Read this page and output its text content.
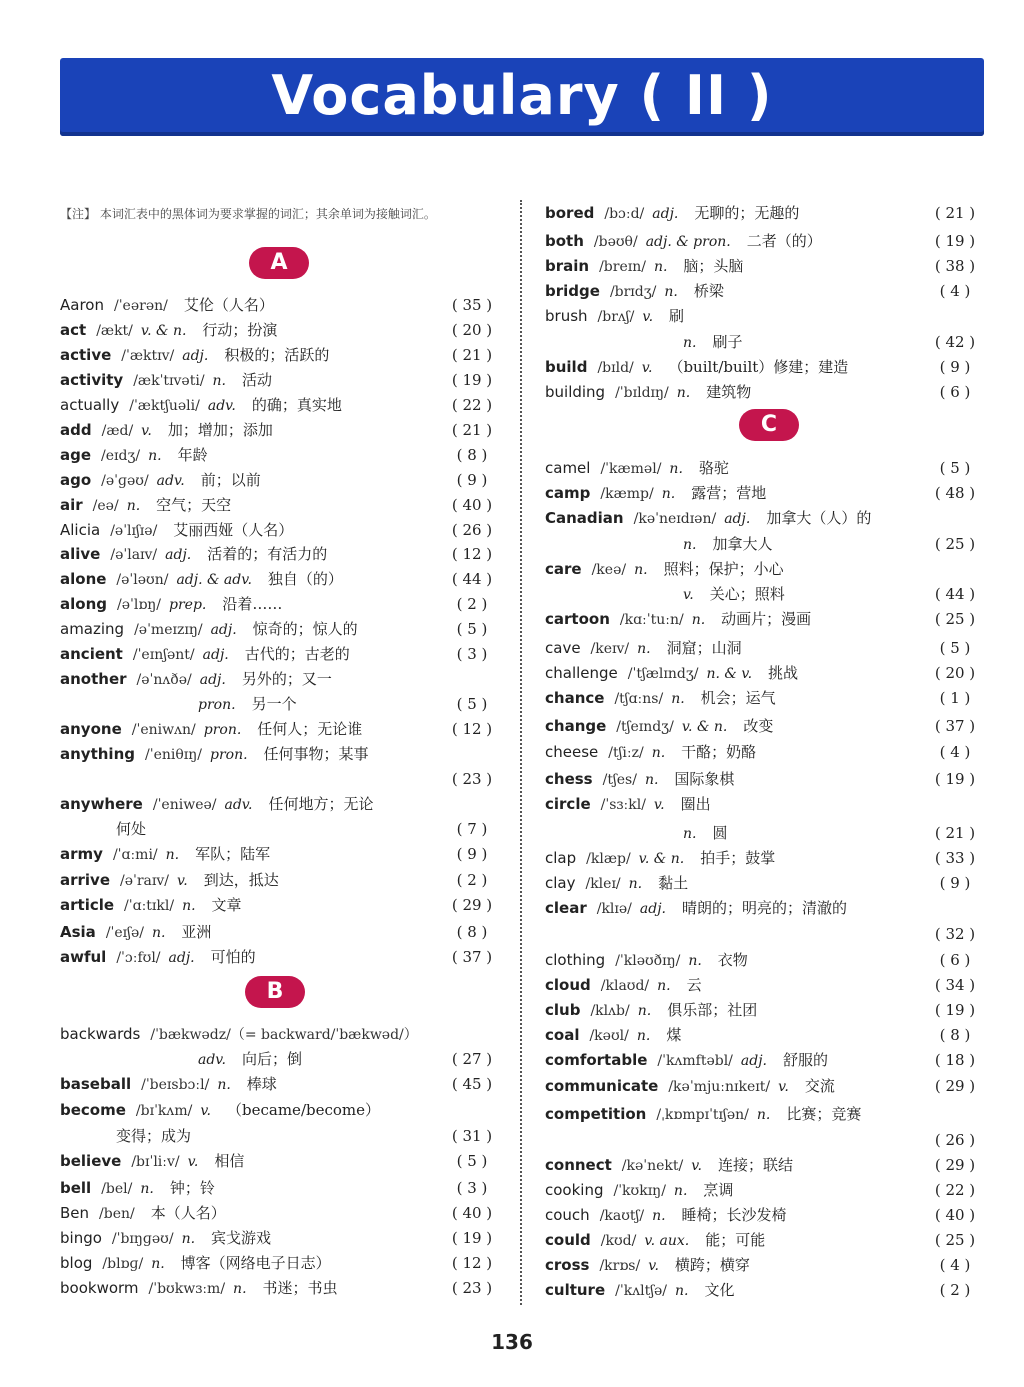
Vocabulary ( II )
【注】 本词汇表中的黑体词为要求掌握的词汇；其余单词为接触词汇。
A
B
C
Aaron /ˈeərən/ 艾伦（人名）	( 35 )
act /ækt/ v. & n. 行动；扮演	( 20 )
active /ˈæktɪv/ adj. 积极的；活跃的	( 21 )
activity /ækˈtɪvəti/ n. 活动	( 19 )
actually /ˈæktʃuəli/ adv. 的确；真实地	( 22 )
add /æd/ v. 加；增加；添加	( 21 )
age /eɪdʒ/ n. 年龄	( 8 )
ago /əˈɡəʊ/ adv. 前；以前	( 9 )
air /eə/ n. 空气；天空	( 40 )
Alicia /əˈlɪʃɪə/ 艾丽西娅（人名）	( 26 )
alive /əˈlaɪv/ adj. 活着的；有活力的	( 12 )
alone /əˈləʊn/ adj. & adv. 独自（的）	( 44 )
along /əˈlɒŋ/ prep. 沿着……	( 2 )
amazing /əˈmeɪzɪŋ/ adj. 惊奇的；惊人的	( 5 )
ancient /ˈeɪnʃənt/ adj. 古代的；古老的	( 3 )
another /əˈnʌðə/ adj. 另外的；又一
pron. 另一个	( 5 )
anyone /ˈeniwʌn/ pron. 任何人；无论谁	( 12 )
anything /ˈeniθɪŋ/ pron. 任何事物；某事
( 23 )
anywhere /ˈeniweə/ adv. 任何地方；无论
何处	( 7 )
army /ˈɑːmi/ n. 军队；陆军	( 9 )
arrive /əˈraɪv/ v. 到达，抵达	( 2 )
article /ˈɑːtɪkl/ n. 文章	( 29 )
Asia /ˈeɪʃə/ n. 亚洲	( 8 )
awful /ˈɔːfʊl/ adj. 可怕的	( 37 )
backwards /ˈbækwədz/（= backward/ˈbækwəd/）
adv. 向后；倒	( 27 )
baseball /ˈbeɪsbɔːl/ n. 棒球	( 45 )
become /bɪˈkʌm/ v. （became/become）
变得；成为	( 31 )
believe /bɪˈliːv/ v. 相信	( 5 )
bell /bel/ n. 钟；铃	( 3 )
Ben /ben/ 本（人名）	( 40 )
bingo /ˈbɪŋɡəʊ/ n. 宾戈游戏	( 19 )
blog /blɒɡ/ n. 博客（网络电子日志）	( 12 )
bookworm /ˈbʊkwɜːm/ n. 书迷；书虫	( 23 )
bored /bɔːd/ adj. 无聊的；无趣的	( 21 )
both /bəʊθ/ adj. & pron. 二者（的）	( 19 )
brain /breɪn/ n. 脑；头脑	( 38 )
bridge /brɪdʒ/ n. 桥梁	( 4 )
brush /brʌʃ/ v. 刷
n. 刷子	( 42 )
build /bɪld/ v. （built/built）修建；建造	( 9 )
building /ˈbɪldɪŋ/ n. 建筑物	( 6 )
camel /ˈkæməl/ n. 骆驼	( 5 )
camp /kæmp/ n. 露营；营地	( 48 )
Canadian /kəˈneɪdɪən/ adj. 加拿大（人）的
n. 加拿大人	( 25 )
care /keə/ n. 照料；保护；小心
v. 关心；照料	( 44 )
cartoon /kɑːˈtuːn/ n. 动画片；漫画	( 25 )
cave /keɪv/ n. 洞窟；山洞	( 5 )
challenge /ˈtʃælɪndʒ/ n. & v. 挑战	( 20 )
chance /tʃɑːns/ n. 机会；运气	( 1 )
change /tʃeɪndʒ/ v. & n. 改变	( 37 )
cheese /tʃiːz/ n. 干酪；奶酪	( 4 )
chess /tʃes/ n. 国际象棋	( 19 )
circle /ˈsɜːkl/ v. 圈出
n. 圆	( 21 )
clap /klæp/ v. & n. 拍手；鼓掌	( 33 )
clay /kleɪ/ n. 黏土	( 9 )
clear /klɪə/ adj. 晴朗的；明亮的；清澈的
( 32 )
clothing /ˈkləʊðɪŋ/ n. 衣物	( 6 )
cloud /klaʊd/ n. 云	( 34 )
club /klʌb/ n. 俱乐部；社团	( 19 )
coal /kəʊl/ n. 煤	( 8 )
comfortable /ˈkʌmftəbl/ adj. 舒服的	( 18 )
communicate /kəˈmjuːnɪkeɪt/ v. 交流	( 29 )
competition /ˌkɒmpɪˈtɪʃən/ n. 比赛；竞赛
( 26 )
connect /kəˈnekt/ v. 连接；联结	( 29 )
cooking /ˈkʊkɪŋ/ n. 烹调	( 22 )
couch /kaʊtʃ/ n. 睡椅；长沙发椅	( 40 )
could /kʊd/ v. aux. 能；可能	( 25 )
cross /krɒs/ v. 横跨；横穿	( 4 )
culture /ˈkʌltʃə/ n. 文化	( 2 )
136
